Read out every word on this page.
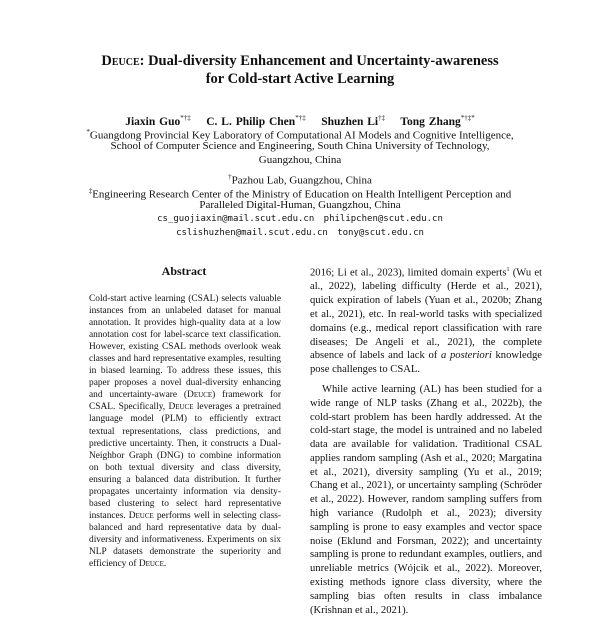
Deuce: Dual-diversity Enhancement and Uncertainty-awareness
for Cold-start Active Learning
Jiaxin Guo*†‡ C. L. Philip Chen*†‡ Shuzhen Li†‡ Tong Zhang*†‡*
*Guangdong Provincial Key Laboratory of Computational AI Models and Cognitive Intelligence,
School of Computer Science and Engineering, South China University of Technology,
Guangzhou, China
†Pazhou Lab, Guangzhou, China
‡Engineering Research Center of the Ministry of Education on Health Intelligent Perception and
Paralleled Digital-Human, Guangzhou, China
cs_guojiaxin@mail.scut.edu.cn philipchen@scut.edu.cn
cslishuzhen@mail.scut.edu.cn tony@scut.edu.cn
Abstract

Cold-start active learning (CSAL) selects valuable instances from an unlabeled dataset for manual annotation. It provides high-quality data at a low annotation cost for label-scarce text classification. However, existing CSAL methods overlook weak classes and hard representative examples, resulting in biased learning. To address these issues, this paper proposes a novel dual-diversity enhancing and uncertainty-aware (Deuce) framework for CSAL. Specifically, Deuce leverages a pretrained language model (PLM) to efficiently extract textual representations, class predictions, and predictive uncertainty. Then, it constructs a Dual-Neighbor Graph (DNG) to combine information on both textual diversity and class diversity, ensuring a balanced data distribution. It further propagates uncertainty information via density-based clustering to select hard representative instances. Deuce performs well in selecting class-balanced and hard representative data by dual-diversity and informativeness. Experiments on six NLP datasets demonstrate the superiority and efficiency of Deuce.

2016; Li et al., 2023), limited domain experts$^1$ (Wu et al., 2022), labeling difficulty (Herde et al., 2021), quick expiration of labels (Yuan et al., 2020b; Zhang et al., 2021), etc. In real-world tasks with specialized domains (e.g., medical report classification with rare diseases; De Angeli et al., 2021), the complete absence of labels and lack of a posteriori knowledge pose challenges to CSAL.

While active learning (AL) has been studied for a wide range of NLP tasks (Zhang et al., 2022b), the cold-start problem has been hardly addressed. At the cold-start stage, the model is untrained and no labeled data are available for validation. Traditional CSAL applies random sampling (Ash et al., 2020; Margatina et al., 2021), diversity sampling (Yu et al., 2019; Chang et al., 2021), or uncertainty sampling (Schröder et al., 2022). However, random sampling suffers from high variance (Rudolph et al., 2023); diversity sampling is prone to easy examples and vector space noise (Eklund and Forsman, 2022); and uncertainty sampling is prone to redundant examples, outliers, and unreliable metrics (Wójcik et al., 2022). Moreover, existing methods ignore class diversity, where the sampling bias often results in class imbalance (Krishnan et al., 2021).
